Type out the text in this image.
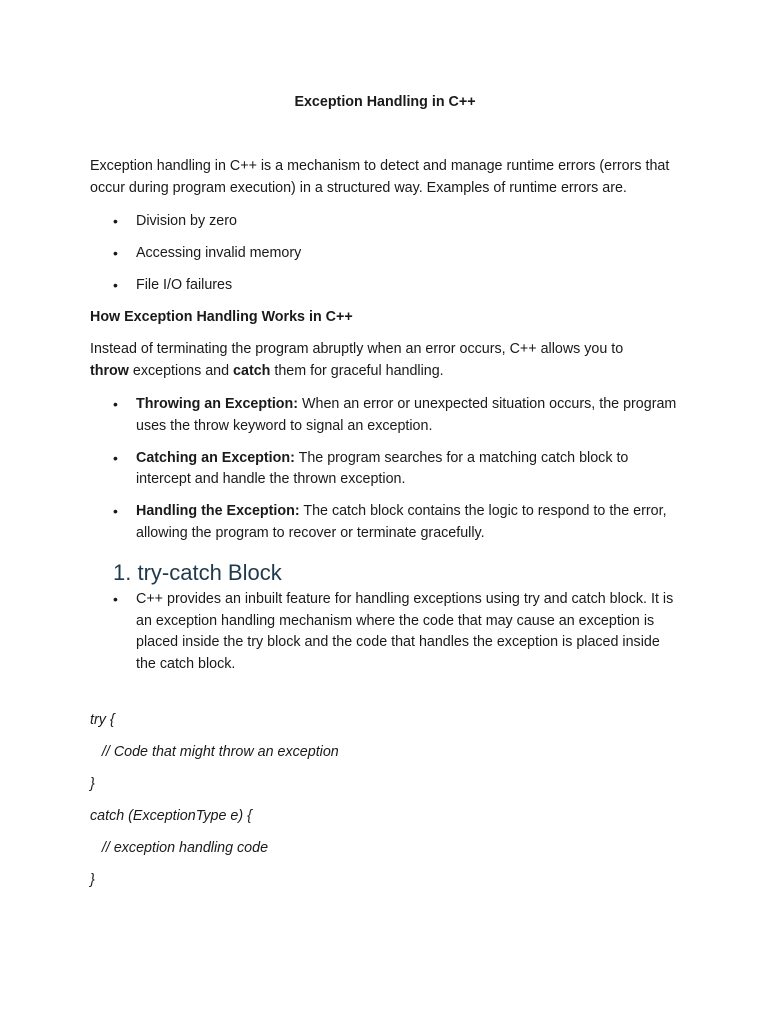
Exception Handling in C++

Exception handling in C++ is a mechanism to detect and manage runtime errors (errors that occur during program execution) in a structured way. Examples of runtime errors are.

• Division by zero
• Accessing invalid memory
• File I/O failures

How Exception Handling Works in C++

Instead of terminating the program abruptly when an error occurs, C++ allows you to throw exceptions and catch them for graceful handling.

• Throwing an Exception: When an error or unexpected situation occurs, the program uses the throw keyword to signal an exception.
• Catching an Exception: The program searches for a matching catch block to intercept and handle the thrown exception.
• Handling the Exception: The catch block contains the logic to respond to the error, allowing the program to recover or terminate gracefully.
1. try-catch Block
• C++ provides an inbuilt feature for handling exceptions using try and catch block. It is an exception handling mechanism where the code that may cause an exception is placed inside the try block and the code that handles the exception is placed inside the catch block.
try {
// Code that might throw an exception
}
catch (ExceptionType e) {
// exception handling code
}
